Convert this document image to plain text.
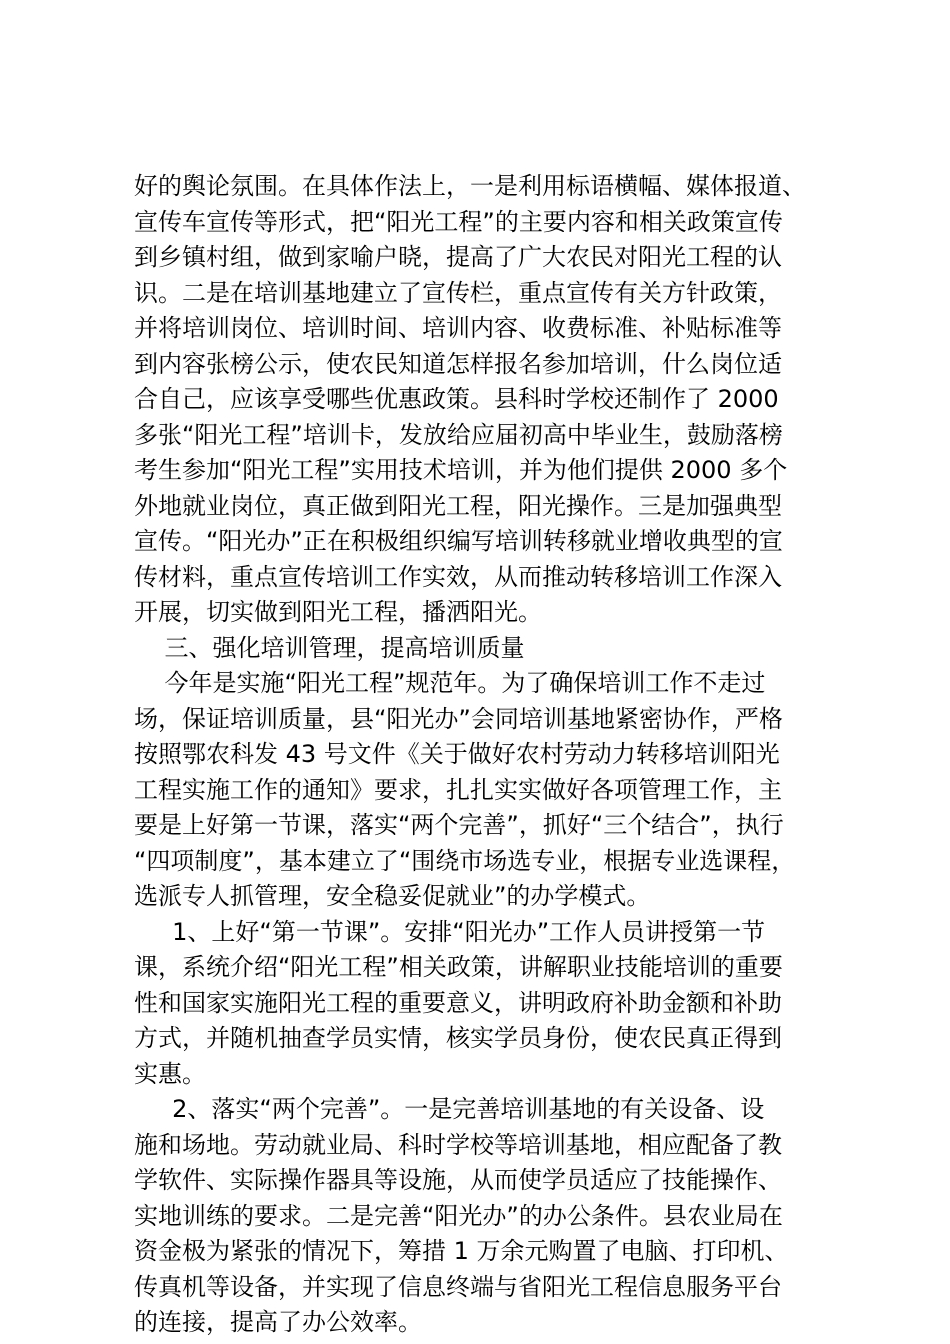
好的舆论氛围。在具体作法上，一是利用标语横幅、媒体报道、
宣传车宣传等形式，把“阳光工程”的主要内容和相关政策宣传
到乡镇村组，做到家喻户晓，提高了广大农民对阳光工程的认
识。二是在培训基地建立了宣传栏，重点宣传有关方针政策，
并将培训岗位、培训时间、培训内容、收费标准、补贴标准等
到内容张榜公示，使农民知道怎样报名参加培训，什么岗位适
合自己，应该享受哪些优惠政策。县科时学校还制作了 2000
多张“阳光工程”培训卡，发放给应届初高中毕业生，鼓励落榜
考生参加“阳光工程”实用技术培训，并为他们提供 2000 多个
外地就业岗位，真正做到阳光工程，阳光操作。三是加强典型
宣传。“阳光办”正在积极组织编写培训转移就业增收典型的宣
传材料，重点宣传培训工作实效，从而推动转移培训工作深入
开展，切实做到阳光工程，播洒阳光。
三、强化培训管理，提高培训质量
今年是实施“阳光工程”规范年。为了确保培训工作不走过
场，保证培训质量，县“阳光办”会同培训基地紧密协作，严格
按照鄂农科发 43 号文件《关于做好农村劳动力转移培训阳光
工程实施工作的通知》要求，扎扎实实做好各项管理工作，主
要是上好第一节课，落实“两个完善”，抓好“三个结合”，执行
“四项制度”，基本建立了“围绕市场选专业，根据专业选课程，
选派专人抓管理，安全稳妥促就业”的办学模式。
1、上好“第一节课”。安排“阳光办”工作人员讲授第一节
课，系统介绍“阳光工程”相关政策，讲解职业技能培训的重要
性和国家实施阳光工程的重要意义，讲明政府补助金额和补助
方式，并随机抽查学员实情，核实学员身份，使农民真正得到
实惠。
2、落实“两个完善”。一是完善培训基地的有关设备、设
施和场地。劳动就业局、科时学校等培训基地，相应配备了教
学软件、实际操作器具等设施，从而使学员适应了技能操作、
实地训练的要求。二是完善“阳光办”的办公条件。县农业局在
资金极为紧张的情况下，筹措 1 万余元购置了电脑、打印机、
传真机等设备，并实现了信息终端与省阳光工程信息服务平台
的连接，提高了办公效率。
